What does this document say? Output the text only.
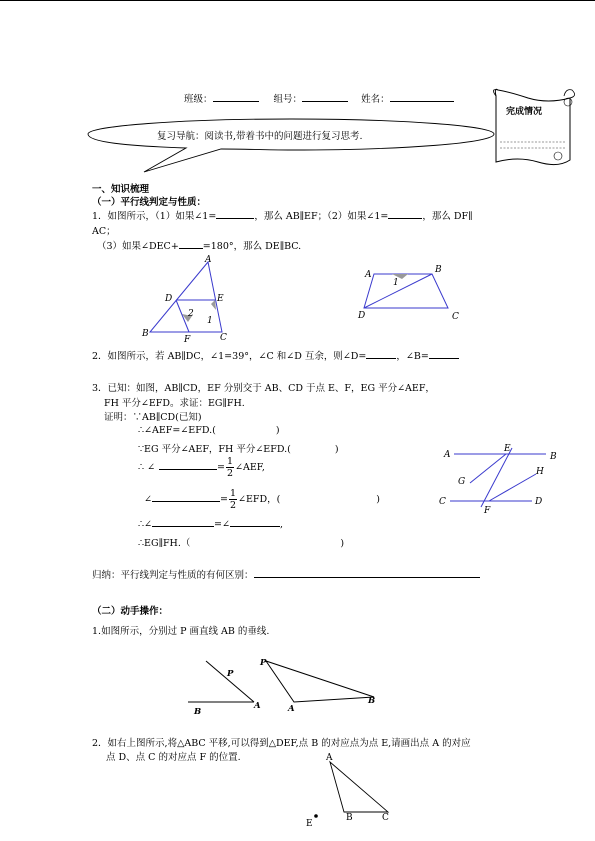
班级：	组号：	姓名：
完成情况
复习导航：阅读书,带着书中的问题进行复习思考.
一、知识梳理
（一）平行线判定与性质：
1．如图所示，（1）如果∠1=	，那么 AB∥EF；（2）如果∠1=	，那么 DF∥
AC；
（3）如果∠DEC+	=180°，那么 DE∥BC.
A
B	C
D	E
F
2
1
A	B
C
D
1
2．如图所示，若 AB∥DC，∠1=39°，∠C 和∠D 互余，则∠D=	，∠B=
3．已知：如图，AB∥CD，EF 分别交于 AB、CD 于点 E、F，EG 平分∠AEF，
FH 平分∠EFD。求证：EG∥FH.
证明：∵AB∥CD(已知)
∴∠AEF=∠EFD.(	)
∵EG 平分∠AEF，FH 平分∠EFD.(	)
∴ ∠	= $\frac{1}{2}$ ∠AEF,
∠	= $\frac{1}{2}$ ∠EFD，(	)
∴∠	=∠	,
∴EG∥FH.（	)
A	B
C	D
E
F
G
H
归纳：平行线判定与性质的有何区别：
（二）动手操作：
1.如图所示，分别过 P 画直线 AB 的垂线.
P
B
A
P
A
B
2．如右上图所示,将△ABC 平移,可以得到△DEF,点 B 的对应点为点 E,请画出点 A 的对应
点 D、点 C 的对应点 F 的位置.	A
B	C
E
